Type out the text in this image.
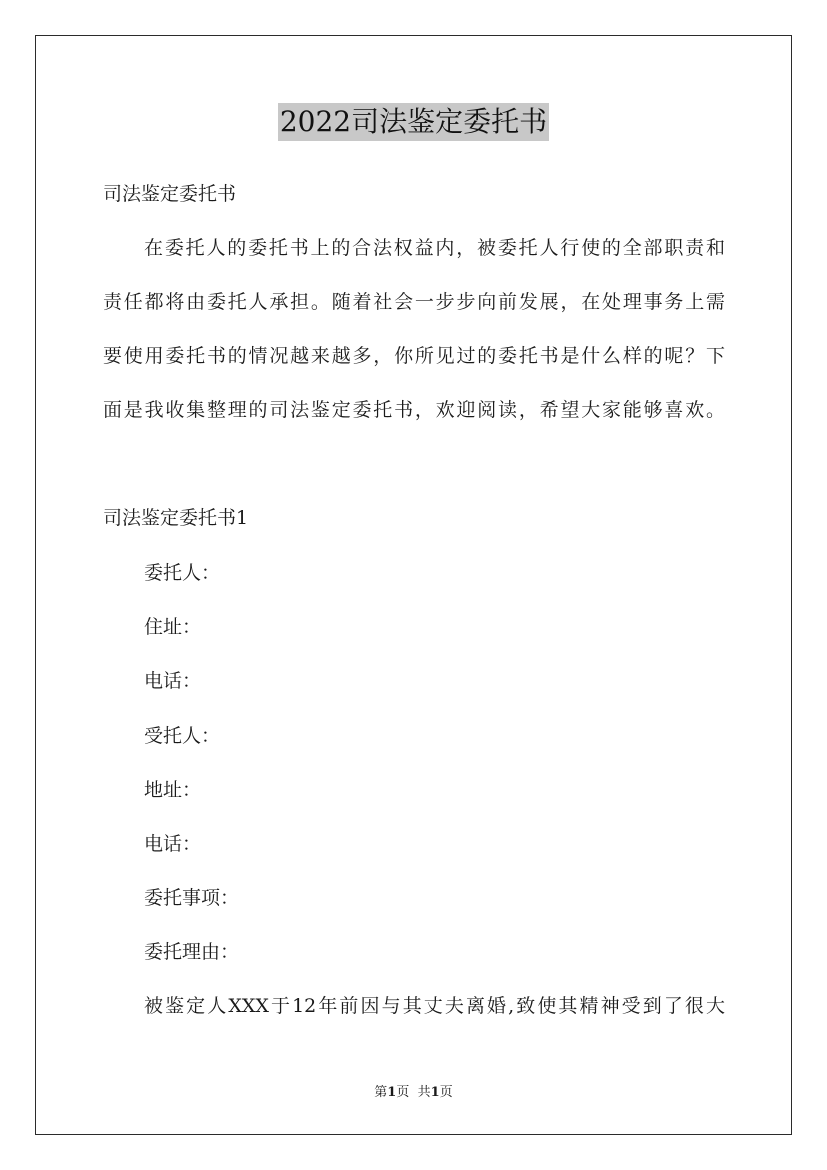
2022司法鉴定委托书
司法鉴定委托书
在委托人的委托书上的合法权益内，被委托人行使的全部职责和
责任都将由委托人承担。随着社会一步步向前发展，在处理事务上需
要使用委托书的情况越来越多，你所见过的委托书是什么样的呢？下
面是我收集整理的司法鉴定委托书，欢迎阅读，希望大家能够喜欢。
司法鉴定委托书1
委托人：
住址：
电话：
受托人：
地址：
电话：
委托事项：
委托理由：
被鉴定人XXX于12年前因与其丈夫离婚,致使其精神受到了很大
第1页 共1页
